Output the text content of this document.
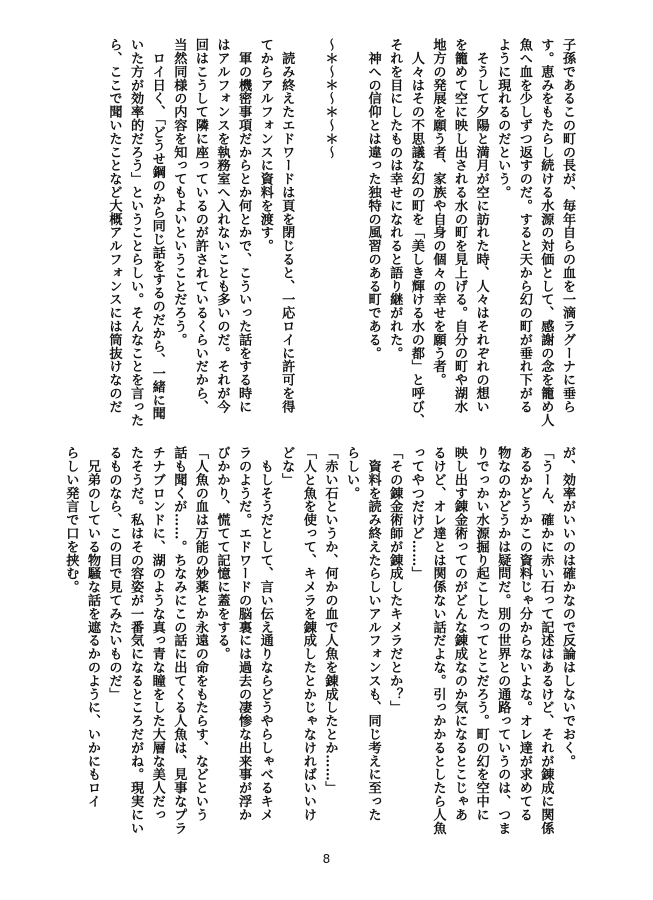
子孫であるこの町の長が、毎年自らの血を一滴ラグーナに垂ら

す。恵みをもたらし続ける水源の対価として、感謝の念を籠め人

魚へ血を少しずつ返すのだ。すると天から幻の町が垂れ下がる

ように現れるのだという。

　そうして夕陽と満月が空に訪れた時、人々はそれぞれの想い

を籠めて空に映し出される水の町を見上げる。自分の町や湖水

地方の発展を願う者、家族や自身の個々の幸せを願う者。

　人々はその不思議な幻の町を「美しき輝ける水の都」と呼び、

それを目にしたものは幸せになれると語り継がれた。

　神への信仰とは違った独特の風習のある町である。

〜＊〜＊〜＊〜＊〜

　読み終えたエドワードは頁を閉じると、一応ロイに許可を得

てからアルフォンスに資料を渡す。

　軍の機密事項だからとか何とかで、こういった話をする時に

はアルフォンスを執務室へ入れないことも多いのだ。それが今

回はこうして隣に座っているのが許されているくらいだから、

当然同様の内容を知ってもよいということだろう。

　ロイ日く、「どうせ鋼のから同じ話をするのだから、一緒に聞

いた方が効率的だろう」ということらしい。そんなことを言った

ら、ここで聞いたことなど大概アルフォンスには筒抜けなのだ

が、効率がいいのは確かなので反論はしないでおく。

「うーん、確かに赤い石って記述はあるけど、それが錬成に関係

あるかどうかこの資料じゃ分からないよな。オレ達が求めてる

物なのかどうかは疑問だ。別の世界との通路っていうのは、つま

りでっかい水源掘り起こしたってとこだろう。町の幻を空中に

映し出す錬金術ってのがどんな錬成なのか気になるとこじゃあ

るけど、オレ達とは関係ない話だよな。引っかかるとしたら人魚

ってやつだけど……」

「その錬金術師が錬成したキメラだとか？」

　資料を読み終えたらしいアルフォンスも、同じ考えに至った

らしい。

「赤い石というか、何かの血で人魚を錬成したとか……」

「人と魚を使って、キメラを錬成したとかじゃなければいいけ

どな」

　もしそうだとして、言い伝え通りならどうやらしゃべるキメ

ラのようだ。エドワードの脳裏には過去の凄惨な出来事が浮か

びかかり、慌てて記憶に蓋をする。

「人魚の血は万能の妙薬とか永遠の命をもたらす、などという

話も聞くが……。ちなみにこの話に出てくる人魚は、見事なプラ

チナブロンドに、湖のような真っ青な瞳をした大層な美人だっ

たそうだ。私はその容姿が一番気になるところだがね。現実にい

るものなら、この目で見てみたいものだ」

　兄弟のしている物騒な話を遮るかのように、いかにもロイ

らしい発言で口を挟む。

8
